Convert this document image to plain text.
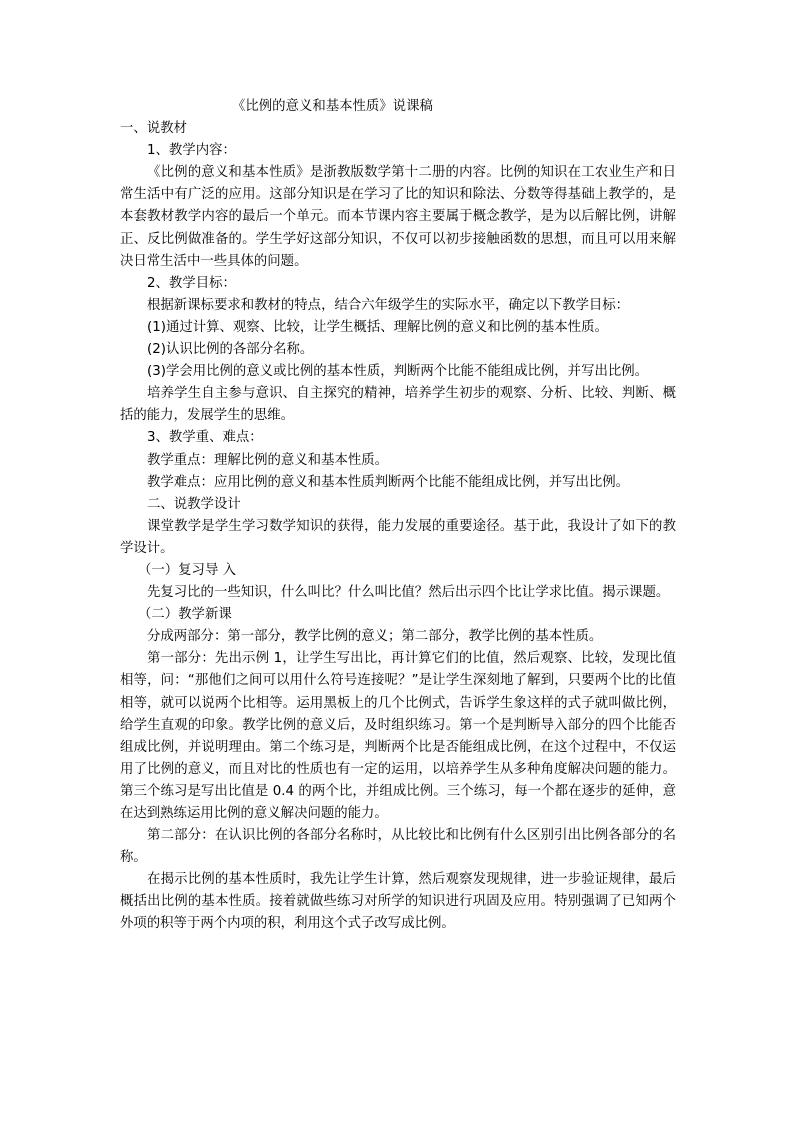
《比例的意义和基本性质》说课稿

一、说教材

1、教学内容：

《比例的意义和基本性质》是浙教版数学第十二册的内容。比例的知识在工农业生产和日常生活中有广泛的应用。这部分知识是在学习了比的知识和除法、分数等得基础上教学的，是本套教材教学内容的最后一个单元。而本节课内容主要属于概念教学，是为以后解比例，讲解正、反比例做准备的。学生学好这部分知识，不仅可以初步接触函数的思想，而且可以用来解决日常生活中一些具体的问题。

2、教学目标：

根据新课标要求和教材的特点，结合六年级学生的实际水平，确定以下教学目标：

(1)通过计算、观察、比较，让学生概括、理解比例的意义和比例的基本性质。

(2)认识比例的各部分名称。

(3)学会用比例的意义或比例的基本性质，判断两个比能不能组成比例，并写出比例。

培养学生自主参与意识、自主探究的精神，培养学生初步的观察、分析、比较、判断、概括的能力，发展学生的思维。

3、教学重、难点：

教学重点：理解比例的意义和基本性质。

教学难点：应用比例的意义和基本性质判断两个比能不能组成比例，并写出比例。

二、说教学设计

课堂教学是学生学习数学知识的获得，能力发展的重要途径。基于此，我设计了如下的教学设计。

（一）复习导 入

先复习比的一些知识，什么叫比？什么叫比值？然后出示四个比让学求比值。揭示课题。

（二）教学新课

分成两部分：第一部分，教学比例的意义；第二部分，教学比例的基本性质。

第一部分：先出示例 1，让学生写出比，再计算它们的比值，然后观察、比较，发现比值相等，问：“那他们之间可以用什么符号连接呢？”是让学生深刻地了解到，只要两个比的比值相等，就可以说两个比相等。运用黑板上的几个比例式，告诉学生象这样的式子就叫做比例，给学生直观的印象。教学比例的意义后，及时组织练习。第一个是判断导入部分的四个比能否组成比例，并说明理由。第二个练习是，判断两个比是否能组成比例，在这个过程中，不仅运用了比例的意义，而且对比的性质也有一定的运用，以培养学生从多种角度解决问题的能力。第三个练习是写出比值是 0.4 的两个比，并组成比例。三个练习，每一个都在逐步的延伸，意在达到熟练运用比例的意义解决问题的能力。

第二部分：在认识比例的各部分名称时，从比较比和比例有什么区别引出比例各部分的名称。

在揭示比例的基本性质时，我先让学生计算，然后观察发现规律，进一步验证规律，最后概括出比例的基本性质。接着就做些练习对所学的知识进行巩固及应用。特别强调了已知两个外项的积等于两个内项的积，利用这个式子改写成比例。
